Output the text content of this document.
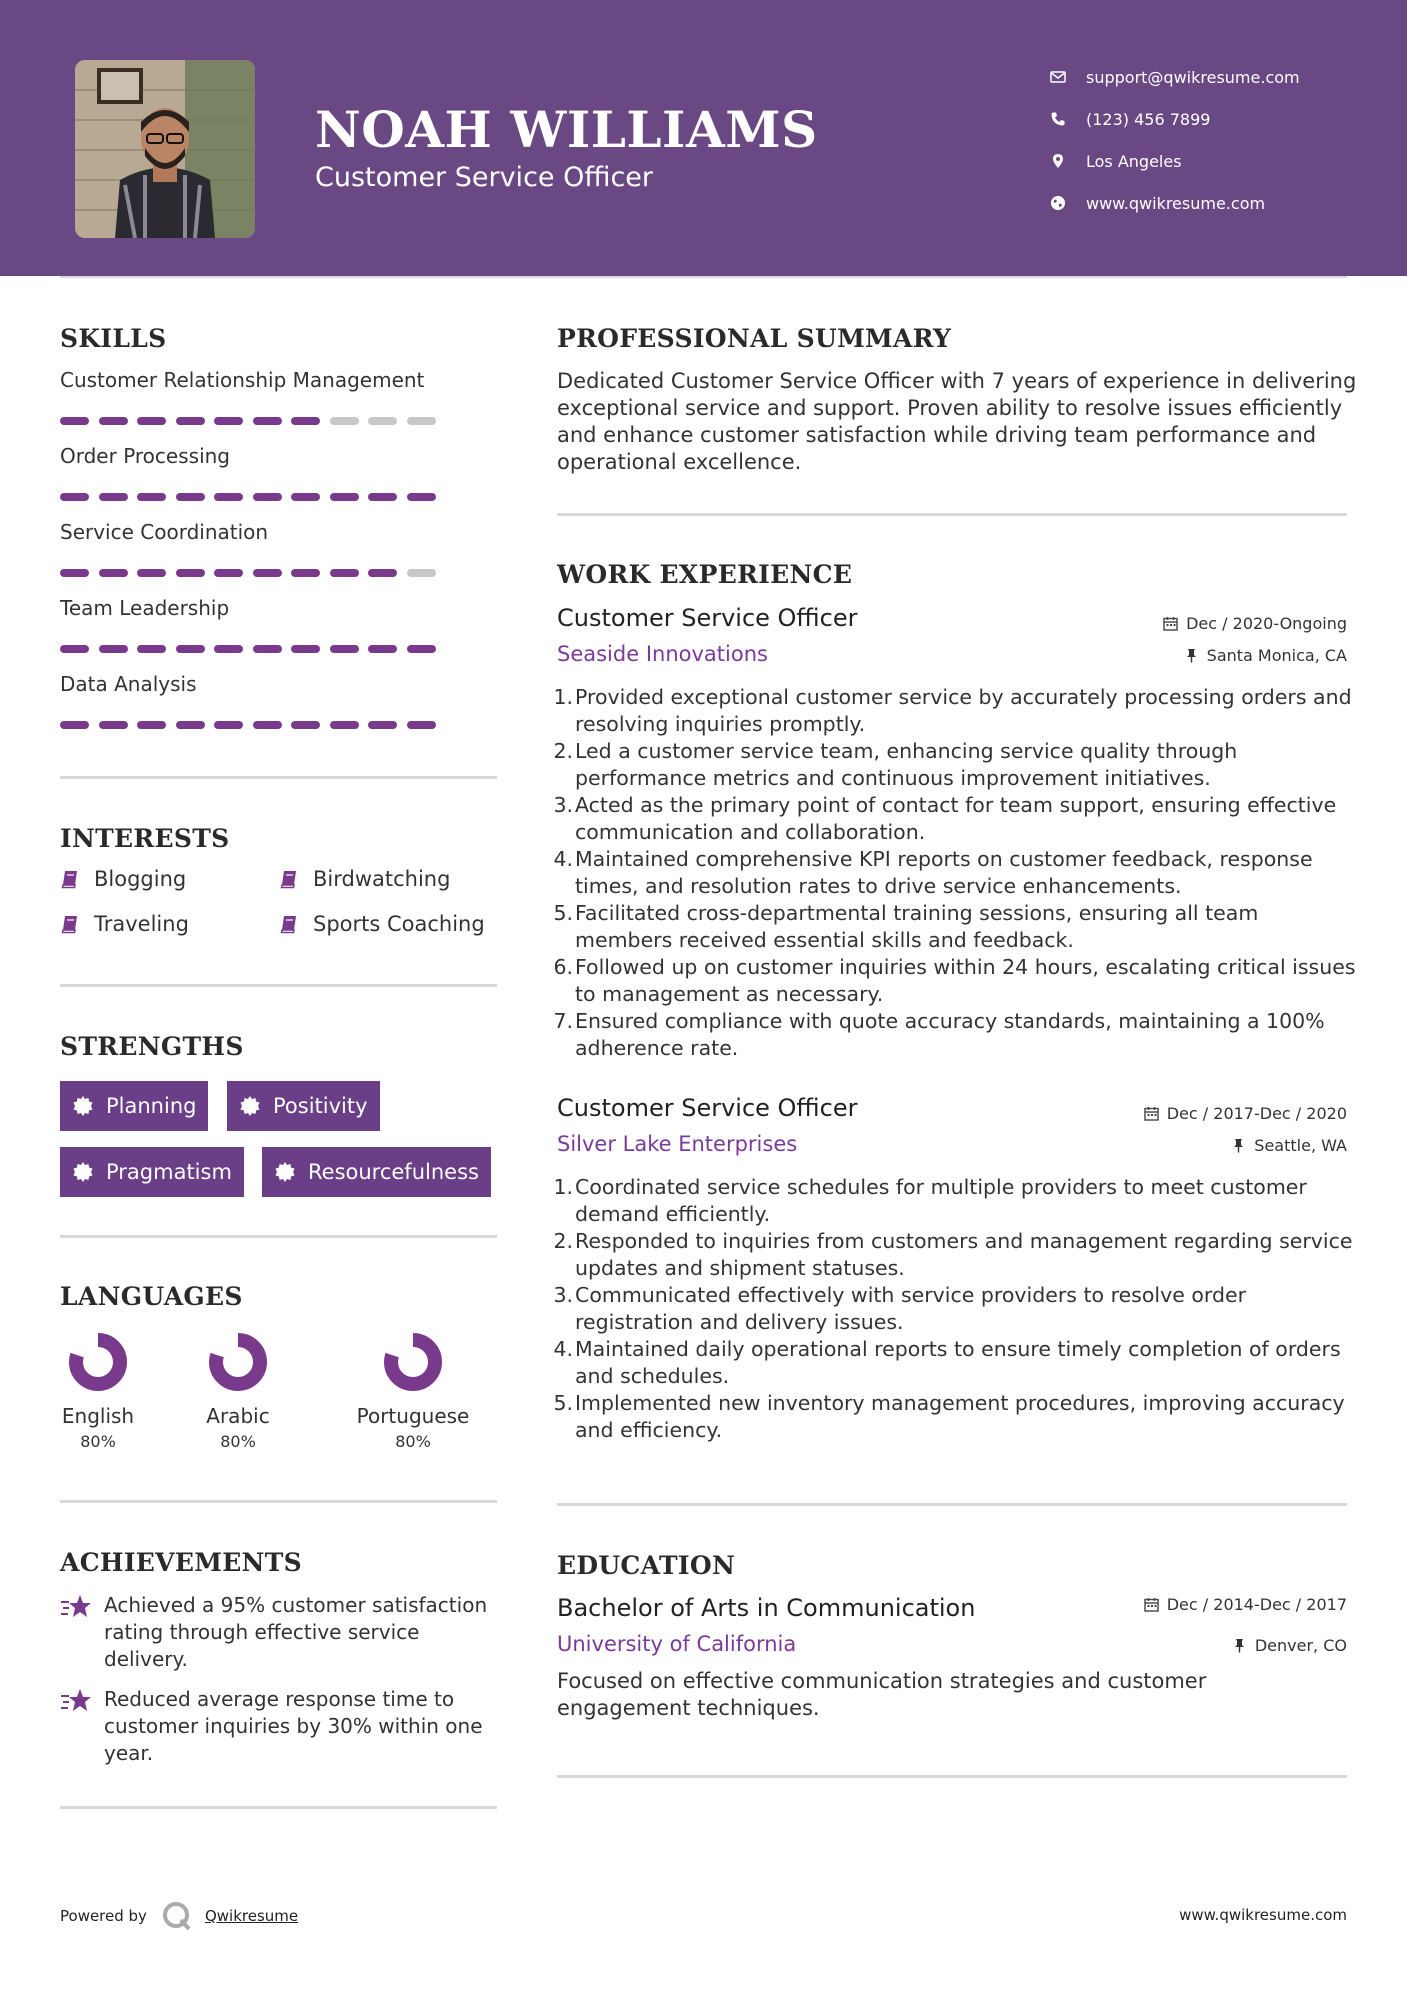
NOAH WILLIAMS
Customer Service Officer
support@qwikresume.com
(123) 456 7899
Los Angeles
www.qwikresume.com
SKILLS
Customer Relationship Management
Order Processing
Service Coordination
Team Leadership
Data Analysis
INTERESTS
Blogging	Birdwatching
Traveling	Sports Coaching
STRENGTHS
Planning	Positivity
Pragmatism	Resourcefulness
LANGUAGES
English
80%
Arabic
80%
Portuguese
80%
ACHIEVEMENTS
Achieved a 95% customer satisfaction rating through effective service delivery.
Reduced average response time to customer inquiries by 30% within one year.
PROFESSIONAL SUMMARY
Dedicated Customer Service Officer with 7 years of experience in delivering exceptional service and support. Proven ability to resolve issues efficiently and enhance customer satisfaction while driving team performance and operational excellence.
WORK EXPERIENCE
Customer Service Officer	Dec / 2020-Ongoing
Seaside Innovations	Santa Monica, CA
1. Provided exceptional customer service by accurately processing orders and resolving inquiries promptly.
2. Led a customer service team, enhancing service quality through performance metrics and continuous improvement initiatives.
3. Acted as the primary point of contact for team support, ensuring effective communication and collaboration.
4. Maintained comprehensive KPI reports on customer feedback, response times, and resolution rates to drive service enhancements.
5. Facilitated cross-departmental training sessions, ensuring all team members received essential skills and feedback.
6. Followed up on customer inquiries within 24 hours, escalating critical issues to management as necessary.
7. Ensured compliance with quote accuracy standards, maintaining a 100% adherence rate.
Customer Service Officer	Dec / 2017-Dec / 2020
Silver Lake Enterprises	Seattle, WA
1. Coordinated service schedules for multiple providers to meet customer demand efficiently.
2. Responded to inquiries from customers and management regarding service updates and shipment statuses.
3. Communicated effectively with service providers to resolve order registration and delivery issues.
4. Maintained daily operational reports to ensure timely completion of orders and schedules.
5. Implemented new inventory management procedures, improving accuracy and efficiency.
EDUCATION
Bachelor of Arts in Communication	Dec / 2014-Dec / 2017
University of California	Denver, CO
Focused on effective communication strategies and customer engagement techniques.
Powered by	Qwikresume	www.qwikresume.com
